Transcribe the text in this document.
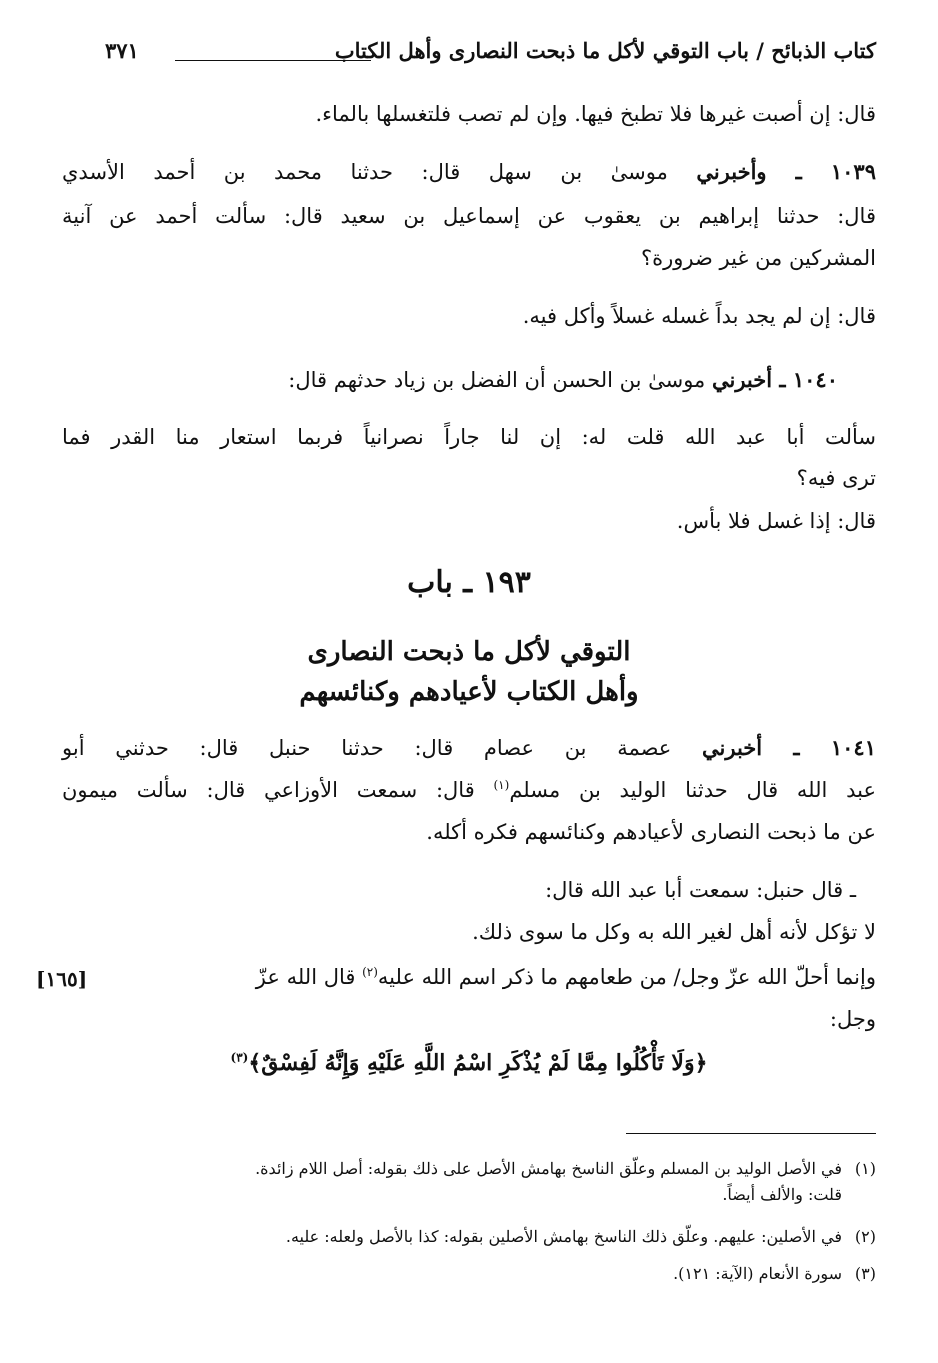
كتاب الذبائح / باب التوقي لأكل ما ذبحت النصارى وأهل الكتاب
٣٧١
قال: إن أصبت غيرها فلا تطبخ فيها. وإن لم تصب فلتغسلها بالماء.
١٠٣٩ ـ وأخبرني موسىٰ بن سهل قال: حدثنا محمد بن أحمد الأسدي
قال: حدثنا إبراهيم بن يعقوب عن إسماعيل بن سعيد قال: سألت أحمد عن آنية
المشركين من غير ضرورة؟
قال: إن لم يجد بداً غسله غسلاً وأكل فيه.
١٠٤٠ ـ أخبرني موسىٰ بن الحسن أن الفضل بن زياد حدثهم قال:
سألت أبا عبد الله قلت له: إن لنا جاراً نصرانياً فربما استعار منا القدر فما
ترى فيه؟
قال: إذا غسل فلا بأس.
١٩٣ ـ باب
التوقي لأكل ما ذبحت النصارى
وأهل الكتاب لأعيادهم وكنائسهم
١٠٤١ ـ أخبرني عصمة بن عصام قال: حدثنا حنبل قال: حدثني أبو
عبد الله قال حدثنا الوليد بن مسلم$^{(١)}$ قال: سمعت الأوزاعي قال: سألت ميمون
عن ما ذبحت النصارى لأعيادهم وكنائسهم فكره أكله.
ـ قال حنبل: سمعت أبا عبد الله قال:
لا تؤكل لأنه أهل لغير الله به وكل ما سوى ذلك.
وإنما أحلّ الله عزّ وجل/ من طعامهم ما ذكر اسم الله عليه$^{(٢)}$ قال الله عزّ
[١٦٥]
وجل:
﴿وَلَا تَأْكُلُوا مِمَّا لَمْ يُذْكَرِ اسْمُ اللَّهِ عَلَيْهِ وَإِنَّهُ لَفِسْقٌ﴾$^{(٣)}$
(١)في الأصل الوليد بن المسلم وعلّق الناسخ بهامش الأصل على ذلك بقوله: أصل اللام زائدة.
قلت: والألف أيضاً.
(٢)في الأصلين: عليهم. وعلّق ذلك الناسخ بهامش الأصلين بقوله: كذا بالأصل ولعله: عليه.
(٣)سورة الأنعام (الآية: ١٢١).
